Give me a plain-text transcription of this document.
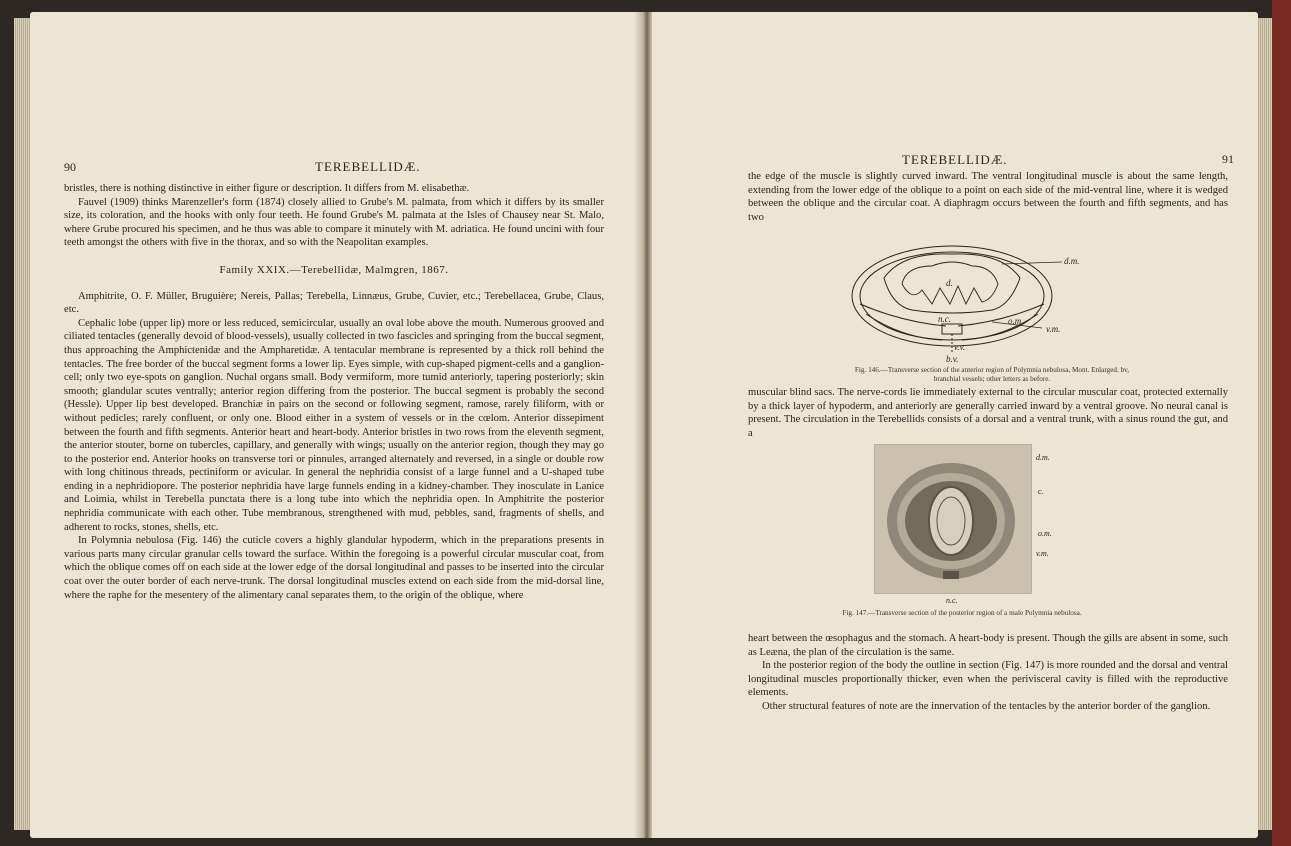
90	TEREBELLIDÆ.

bristles, there is nothing distinctive in either figure or description. It differs from M. elisabethæ.

Fauvel (1909) thinks Marenzeller's form (1874) closely allied to Grube's M. palmata, from which it differs by its smaller size, its coloration, and the hooks with only four teeth. He found Grube's M. palmata at the Isles of Chausey near St. Malo, where Grube procured his specimen, and he thus was able to compare it minutely with M. adriatica. He found uncini with four teeth amongst the others with five in the thorax, and so with the Neapolitan examples.

Family XXIX.—Terebellidæ, Malmgren, 1867.

Amphitrite, O. F. Müller, Bruguière; Nereis, Pallas; Terebella, Linnæus, Grube, Cuvier, etc.; Terebellacea, Grube, Claus, etc.

Cephalic lobe (upper lip) more or less reduced, semicircular, usually an oval lobe above the mouth. Numerous grooved and ciliated tentacles (generally devoid of blood-vessels), usually collected in two fascicles and springing from the buccal segment, thus approaching the Amphictenidæ and the Ampharetidæ. A tentacular membrane is represented by a thick roll behind the tentacles. The free border of the buccal segment forms a lower lip. Eyes simple, with cup-shaped pigment-cells and a ganglion-cell; only two eye-spots on ganglion. Nuchal organs small. Body vermiform, more tumid anteriorly, tapering posteriorly; skin smooth; glandular scutes ventrally; anterior region differing from the posterior. The buccal segment is probably the second (Hessle). Upper lip best developed. Branchiæ in pairs on the second or following segment, ramose, rarely filiform, with or without pedicles; rarely confluent, or only one. Blood either in a system of vessels or in the cœlom. Anterior dissepiment between the fourth and fifth segments. Anterior heart and heart-body. Anterior bristles in two rows from the eleventh segment, the anterior stouter, borne on tubercles, capillary, and generally with wings; usually on the anterior region, though they may go to the posterior end. Anterior hooks on transverse tori or pinnules, arranged alternately and reversed, in a single or double row with long chitinous threads, pectiniform or avicular. In general the nephridia consist of a large funnel and a U-shaped tube ending in a nephridiopore. The posterior nephridia have large funnels ending in a kidney-chamber. They inosculate in Lanice and Loimia, whilst in Terebella punctata there is a long tube into which the nephridia open. In Amphitrite the posterior nephridia communicate with each other. Tube membranous, strengthened with mud, pebbles, sand, fragments of shells, and adherent to rocks, stones, shells, etc.

In Polymnia nebulosa (Fig. 146) the cuticle covers a highly glandular hypoderm, which in the preparations presents in various parts many circular granular cells toward the surface. Within the foregoing is a powerful circular muscular coat, from which the oblique comes off on each side at the lower edge of the dorsal longitudinal and passes to be inserted into the circular coat over the outer border of each nerve-trunk. The dorsal longitudinal muscles extend on each side from the mid-dorsal line, where the raphe for the mesentery of the alimentary canal separates them, to the origin of the oblique, where

TEREBELLIDÆ.	91

the edge of the muscle is slightly curved inward. The ventral longitudinal muscle is about the same length, extending from the lower edge of the oblique to a point on each side of the mid-ventral line, where it is wedged between the oblique and the circular coat. A diaphragm occurs between the fourth and fifth segments, and has two

d.m.
d.
o.m.
v.m.
n.c.
v.v.
b.v.
Fig. 146.—Transverse section of the anterior region of Polymnia nebulosa, Mont. Enlarged. bv, branchial vessels; other letters as before.

muscular blind sacs. The nerve-cords lie immediately external to the circular muscular coat, protected externally by a thick layer of hypoderm, and anteriorly are generally carried inward by a ventral groove. No neural canal is present. The circulation in the Terebellids consists of a dorsal and a ventral trunk, with a sinus round the gut, and a

d.m.
c.
o.m.
v.m.
n.c.
Fig. 147.—Transverse section of the posterior region of a male Polymnia nebulosa.

heart between the œsophagus and the stomach. A heart-body is present. Though the gills are absent in some, such as Leæna, the plan of the circulation is the same.

In the posterior region of the body the outline in section (Fig. 147) is more rounded and the dorsal and ventral longitudinal muscles proportionally thicker, even when the perivisceral cavity is filled with the reproductive elements.

Other structural features of note are the innervation of the tentacles by the anterior border of the ganglion.
